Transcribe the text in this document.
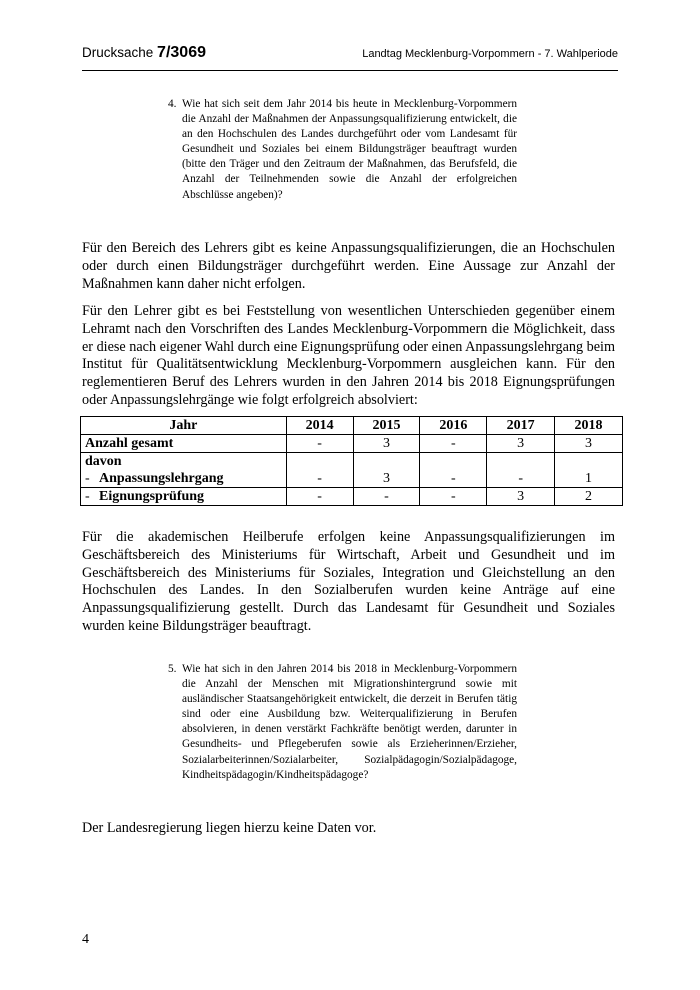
Drucksache 7/3069	Landtag Mecklenburg-Vorpommern - 7. Wahlperiode
4. Wie hat sich seit dem Jahr 2014 bis heute in Mecklenburg-Vorpommern die Anzahl der Maßnahmen der Anpassungsqualifizierung entwickelt, die an den Hochschulen des Landes durchgeführt oder vom Landesamt für Gesundheit und Soziales bei einem Bildungsträger beauftragt wurden (bitte den Träger und den Zeitraum der Maßnahmen, das Berufsfeld, die Anzahl der Teilnehmenden sowie die Anzahl der erfolgreichen Abschlüsse angeben)?
Für den Bereich des Lehrers gibt es keine Anpassungsqualifizierungen, die an Hochschulen oder durch einen Bildungsträger durchgeführt werden. Eine Aussage zur Anzahl der Maßnahmen kann daher nicht erfolgen.
Für den Lehrer gibt es bei Feststellung von wesentlichen Unterschieden gegenüber einem Lehramt nach den Vorschriften des Landes Mecklenburg-Vorpommern die Möglichkeit, dass er diese nach eigener Wahl durch eine Eignungsprüfung oder einen Anpassungslehrgang beim Institut für Qualitätsentwicklung Mecklenburg-Vorpommern ausgleichen kann. Für den reglementieren Beruf des Lehrers wurden in den Jahren 2014 bis 2018 Eignungsprüfungen oder Anpassungslehrgänge wie folgt erfolgreich absolviert:
Jahr	2014	2015	2016	2017	2018
Anzahl gesamt	-	3	-	3	3
davon					
- Anpassungslehrgang	-	3	-	-	1
- Eignungsprüfung	-	-	-	3	2
Für die akademischen Heilberufe erfolgen keine Anpassungsqualifizierungen im Geschäftsbereich des Ministeriums für Wirtschaft, Arbeit und Gesundheit und im Geschäftsbereich des Ministeriums für Soziales, Integration und Gleichstellung an den Hochschulen des Landes. In den Sozialberufen wurden keine Anträge auf eine Anpassungsqualifizierung gestellt. Durch das Landesamt für Gesundheit und Soziales wurden keine Bildungsträger beauftragt.
5. Wie hat sich in den Jahren 2014 bis 2018 in Mecklenburg-Vorpommern die Anzahl der Menschen mit Migrationshintergrund sowie mit ausländischer Staatsangehörigkeit entwickelt, die derzeit in Berufen tätig sind oder eine Ausbildung bzw. Weiterqualifizierung in Berufen absolvieren, in denen verstärkt Fachkräfte benötigt werden, darunter in Gesundheits- und Pflegeberufen sowie als Erzieherinnen/Erzieher, Sozialarbeiterinnen/Sozialarbeiter, Sozialpädagogin/Sozialpädagoge, Kindheitspädagogin/Kindheitspädagoge?
Der Landesregierung liegen hierzu keine Daten vor.
4
